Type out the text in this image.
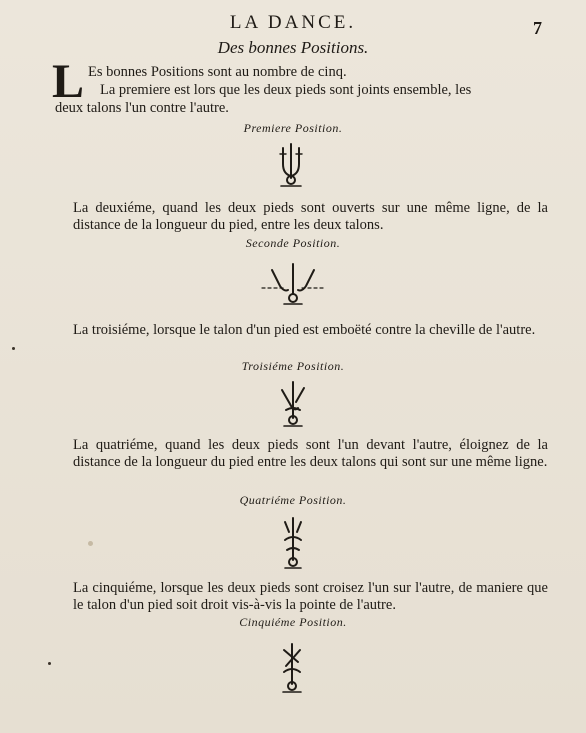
LA DANCE.	7
Des bonnes Positions.
L Es bonnes Positions sont au nombre de cinq.
La premiere est lors que les deux pieds sont joints ensemble, les
deux talons l'un contre l'autre.
Premiere Position.
La deuxiéme, quand les deux pieds sont ouverts sur une même ligne, de la distance de la longueur du pied, entre les deux talons.
Seconde Position.
La troisiéme, lorsque le talon d'un pied est emboëté contre la cheville de l'autre.
Troisiéme Position.
La quatriéme, quand les deux pieds sont l'un devant l'autre, éloignez de la distance de la longueur du pied entre les deux talons qui sont sur une même ligne.
Quatriéme Position.
La cinquiéme, lorsque les deux pieds sont croisez l'un sur l'autre, de maniere que le talon d'un pied soit droit vis-à-vis la pointe de l'autre.
Cinquiéme Position.
